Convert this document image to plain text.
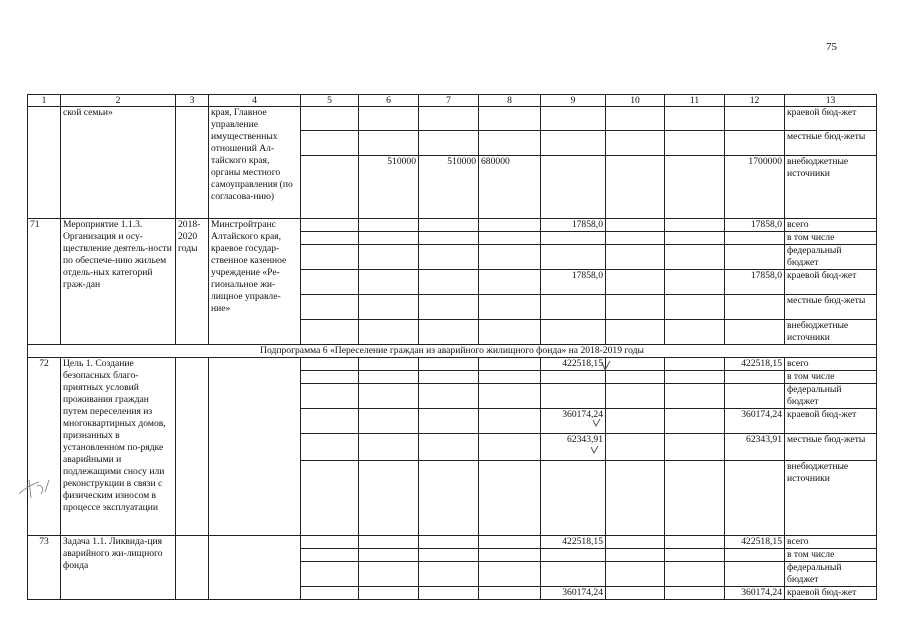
75
1	2	3	4	5	6	7	8	9	10	11	12	13
	ской семьи»		края, Главное управление имущественных отношений Ал-тайского края, органы местного самоуправления (по согласова-нию)									краевой бюд-жет
												местные бюд-жеты
					510000	510000	680000				1700000	внебюджетные источники
71	Мероприятие 1.1.3. Организация и осу-ществление деятель-ности по обеспече-нию жильем отдель-ных категорий граж-дан	2018-2020 годы	Минстройтранс Алтайского края, краевое государ-ственное казенное учреждение «Ре-гиональное жи-лищное управле-ние»					17858,0			17858,0	всего
												в том числе
												федеральный бюджет
								17858,0			17858,0	краевой бюд-жет
												местные бюд-жеты
												внебюджетные источники
Подпрограмма 6 «Переселение граждан из аварийного жилищного фонда» на 2018-2019 годы												
72	Цель 1. Создание безопасных благо-приятных условий проживания граждан путем переселения из многоквартирных домов, признанных в установленном по-рядке аварийными и подлежащими сносу или реконструкции в связи с физическим износом в процессе эксплуатации							422518,15			422518,15	всего
												в том числе
												федеральный бюджет
								360174,24			360174,24	краевой бюд-жет
								62343,91			62343,91	местные бюд-жеты
												внебюджетные источники
73	Задача 1.1. Ликвида-ция аварийного жи-лищного фонда							422518,15			422518,15	всего
												в том числе
												федеральный бюджет
								360174,24			360174,24	краевой бюд-жет
